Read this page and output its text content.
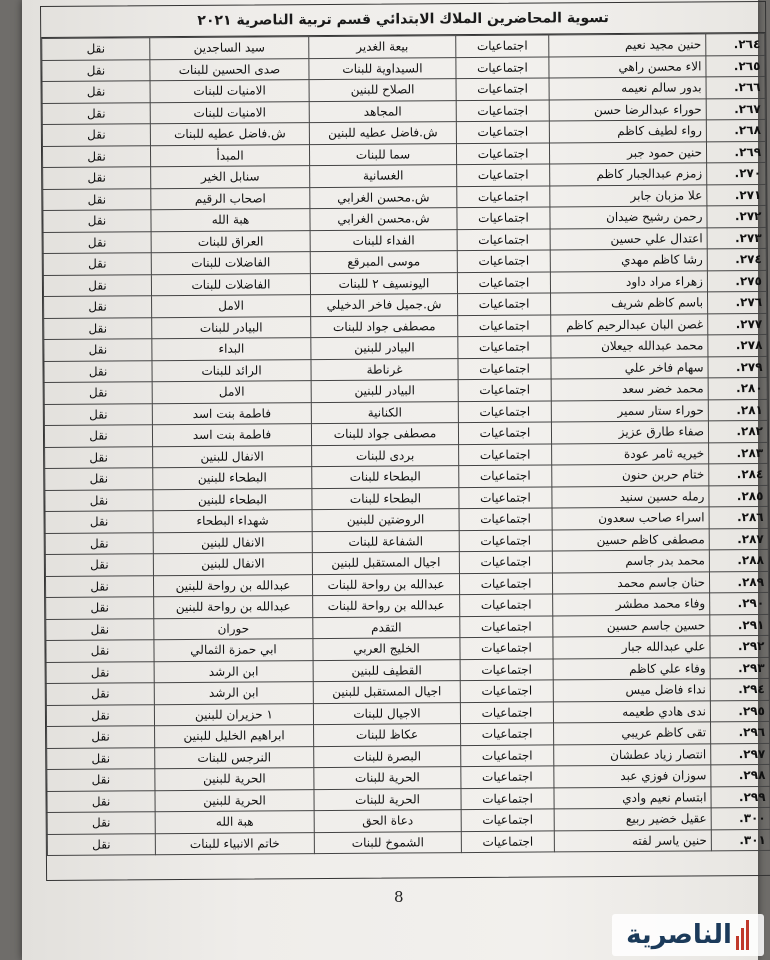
تسوية المحاضرين الملاك الابتدائي قسم تربية الناصرية ٢٠٢١
٢٦٤.	حنين مجيد نعيم	اجتماعيات	بيعة الغدير	سيد الساجدين	نقل
٢٦٥.	الاء محسن راهي	اجتماعيات	السيداوية للبنات	صدى الحسين للبنات	نقل
٢٦٦.	بدور سالم نعيمه	اجتماعيات	الصلاح للبنين	الامنيات للبنات	نقل
٢٦٧.	حوراء عبدالرضا حسن	اجتماعيات	المجاهد	الامنيات للبنات	نقل
٢٦٨.	رواء لطيف كاظم	اجتماعيات	ش.فاضل عطيه للبنين	ش.فاضل عطيه للبنات	نقل
٢٦٩.	حنين حمود جبر	اجتماعيات	سما للبنات	المبدأ	نقل
٢٧٠.	زمزم عبدالجبار كاظم	اجتماعيات	الغسانية	سنابل الخير	نقل
٢٧١.	علا مزبان جابر	اجتماعيات	ش.محسن الغرابي	اصحاب الرقيم	نقل
٢٧٢.	رحمن رشيح ضيدان	اجتماعيات	ش.محسن الغرابي	هبة الله	نقل
٢٧٣.	اعتدال علي حسين	اجتماعيات	الفداء للبنات	العراق للبنات	نقل
٢٧٤.	رشا كاظم مهدي	اجتماعيات	موسى المبرقع	الفاضلات للبنات	نقل
٢٧٥.	زهراء مراد داود	اجتماعيات	اليونسيف ٢ للبنات	الفاضلات للبنات	نقل
٢٧٦.	باسم كاظم شريف	اجتماعيات	ش.جميل فاخر الدخيلي	الامل	نقل
٢٧٧.	غصن البان عبدالرحيم كاظم	اجتماعيات	مصطفى جواد للبنات	البيادر للبنات	نقل
٢٧٨.	محمد عبدالله جيعلان	اجتماعيات	البيادر للبنين	البداء	نقل
٢٧٩.	سهام فاخر علي	اجتماعيات	غرناطة	الرائد للبنات	نقل
٢٨٠.	محمد خضر سعد	اجتماعيات	البيادر للبنين	الامل	نقل
٢٨١.	حوراء ستار سمير	اجتماعيات	الكنانية	فاطمة بنت اسد	نقل
٢٨٢.	صفاء طارق عزيز	اجتماعيات	مصطفى جواد للبنات	فاطمة بنت اسد	نقل
٢٨٣.	خيريه ثامر عودة	اجتماعيات	بردى للبنات	الانفال للبنين	نقل
٢٨٤.	ختام حربن حنون	اجتماعيات	البطحاء للبنات	البطحاء للبنين	نقل
٢٨٥.	رمله حسين سنيد	اجتماعيات	البطحاء للبنات	البطحاء للبنين	نقل
٢٨٦.	اسراء صاحب سعدون	اجتماعيات	الروضتين للبنين	شهداء البطحاء	نقل
٢٨٧.	مصطفى كاظم حسين	اجتماعيات	الشفاعة للبنات	الانفال للبنين	نقل
٢٨٨.	محمد بدر جاسم	اجتماعيات	اجيال المستقبل للبنين	الانفال للبنين	نقل
٢٨٩.	حنان جاسم محمد	اجتماعيات	عبدالله بن رواحة للبنات	عبدالله بن رواحة للبنين	نقل
٢٩٠.	وفاء محمد مطشر	اجتماعيات	عبدالله بن رواحة للبنات	عبدالله بن رواحة للبنين	نقل
٢٩١.	حسين جاسم حسين	اجتماعيات	التقدم	حوران	نقل
٢٩٢.	علي عبدالله جبار	اجتماعيات	الخليج العربي	ابي حمزة الثمالي	نقل
٢٩٣.	وفاء علي كاظم	اجتماعيات	القطيف للبنين	ابن الرشد	نقل
٢٩٤.	نداء فاضل ميس	اجتماعيات	اجيال المستقبل للبنين	ابن الرشد	نقل
٢٩٥.	ندى هادي طعيمه	اجتماعيات	الاجيال للبنات	١ حزيران للبنين	نقل
٢٩٦.	تقى كاظم عريبي	اجتماعيات	عكاظ للبنات	ابراهيم الخليل للبنين	نقل
٢٩٧.	انتصار زياد عطشان	اجتماعيات	البصرة للبنات	النرجس للبنات	نقل
٢٩٨.	سوزان فوزي عبد	اجتماعيات	الحرية للبنات	الحرية للبنين	نقل
٢٩٩.	ابتسام نعيم وادي	اجتماعيات	الحرية للبنات	الحرية للبنين	نقل
٣٠٠.	عقيل خضير ربيع	اجتماعيات	دعاة الحق	هبة الله	نقل
٣٠١.	حنين ياسر لفته	اجتماعيات	الشموخ للبنات	خاتم الانبياء للبنات	نقل
8
الناصرية
